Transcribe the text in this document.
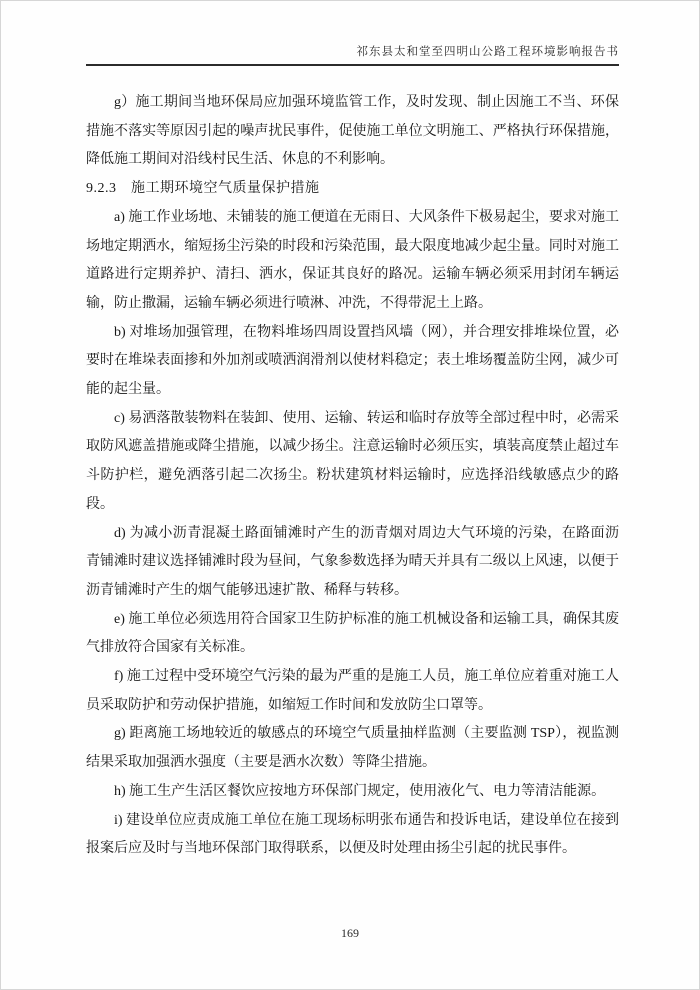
祁东县太和堂至四明山公路工程环境影响报告书

g）施工期间当地环保局应加强环境监管工作，及时发现、制止因施工不当、环保措施不落实等原因引起的噪声扰民事件，促使施工单位文明施工、严格执行环保措施，降低施工期间对沿线村民生活、休息的不利影响。

9.2.3　施工期环境空气质量保护措施

a) 施工作业场地、未铺装的施工便道在无雨日、大风条件下极易起尘，要求对施工场地定期洒水，缩短扬尘污染的时段和污染范围，最大限度地减少起尘量。同时对施工道路进行定期养护、清扫、洒水，保证其良好的路况。运输车辆必须采用封闭车辆运输，防止撒漏，运输车辆必须进行喷淋、冲洗，不得带泥土上路。

b) 对堆场加强管理，在物料堆场四周设置挡风墙（网），并合理安排堆垛位置，必要时在堆垛表面掺和外加剂或喷洒润滑剂以使材料稳定；表土堆场覆盖防尘网，减少可能的起尘量。

c) 易洒落散装物料在装卸、使用、运输、转运和临时存放等全部过程中时，必需采取防风遮盖措施或降尘措施，以减少扬尘。注意运输时必须压实，填装高度禁止超过车斗防护栏，避免洒落引起二次扬尘。粉状建筑材料运输时，应选择沿线敏感点少的路段。

d) 为减小沥青混凝土路面铺滩时产生的沥青烟对周边大气环境的污染，在路面沥青铺滩时建议选择铺滩时段为昼间，气象参数选择为晴天并具有二级以上风速，以便于沥青铺滩时产生的烟气能够迅速扩散、稀释与转移。

e) 施工单位必须选用符合国家卫生防护标准的施工机械设备和运输工具，确保其废气排放符合国家有关标准。

f) 施工过程中受环境空气污染的最为严重的是施工人员，施工单位应着重对施工人员采取防护和劳动保护措施，如缩短工作时间和发放防尘口罩等。

g) 距离施工场地较近的敏感点的环境空气质量抽样监测（主要监测 TSP），视监测结果采取加强洒水强度（主要是洒水次数）等降尘措施。

h) 施工生产生活区餐饮应按地方环保部门规定，使用液化气、电力等清洁能源。

i) 建设单位应责成施工单位在施工现场标明张布通告和投诉电话，建设单位在接到报案后应及时与当地环保部门取得联系，以便及时处理由扬尘引起的扰民事件。

169
